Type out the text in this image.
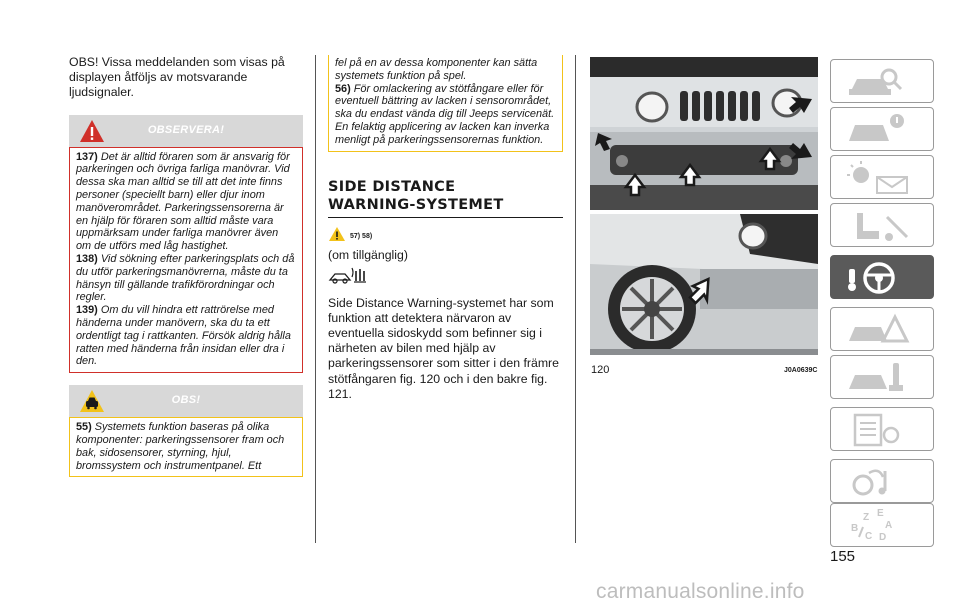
OBS! Vissa meddelanden som visas på displayen åtföljs av motsvarande ljudsignaler.

OBSERVERA!

137) Det är alltid föraren som är ansvarig för parkeringen och övriga farliga manövrar. Vid dessa ska man alltid se till att det inte finns personer (speciellt barn) eller djur inom manöverområdet. Parkeringssensorerna är en hjälp för föraren som alltid måste vara uppmärksam under farliga manövrer även om de utförs med låg hastighet.

138) Vid sökning efter parkeringsplats och då du utför parkeringsmanövrerna, måste du ta hänsyn till gällande trafikförordningar och regler.

139) Om du vill hindra ett rattrörelse med händerna under manövern, ska du ta ett ordentligt tag i rattkanten. Försök aldrig hålla ratten med händerna från insidan eller dra i den.

OBS!

55) Systemets funktion baseras på olika komponenter: parkeringssensorer fram och bak, sidosensorer, styrning, hjul, bromssystem och instrumentpanel. Ett

fel på en av dessa komponenter kan sätta systemets funktion på spel.

56) För omlackering av stötfångare eller för eventuell bättring av lacken i sensorområdet, ska du endast vända dig till Jeeps servicenät. En felaktig applicering av lacken kan inverka menligt på parkeringssensorernas funktion.

SIDE DISTANCE
WARNING-SYSTEMET
57) 58)

(om tillgänglig)

Side Distance Warning-systemet har som funktion att detektera närvaron av eventuella sidoskydd som befinner sig i närheten av bilen med hjälp av parkeringssensorer som sitter i den främre stötfångaren fig. 120 och i den bakre fig. 121.

120	J0A0639C
Z E
B	A
C D
155
carmanualsonline.info
